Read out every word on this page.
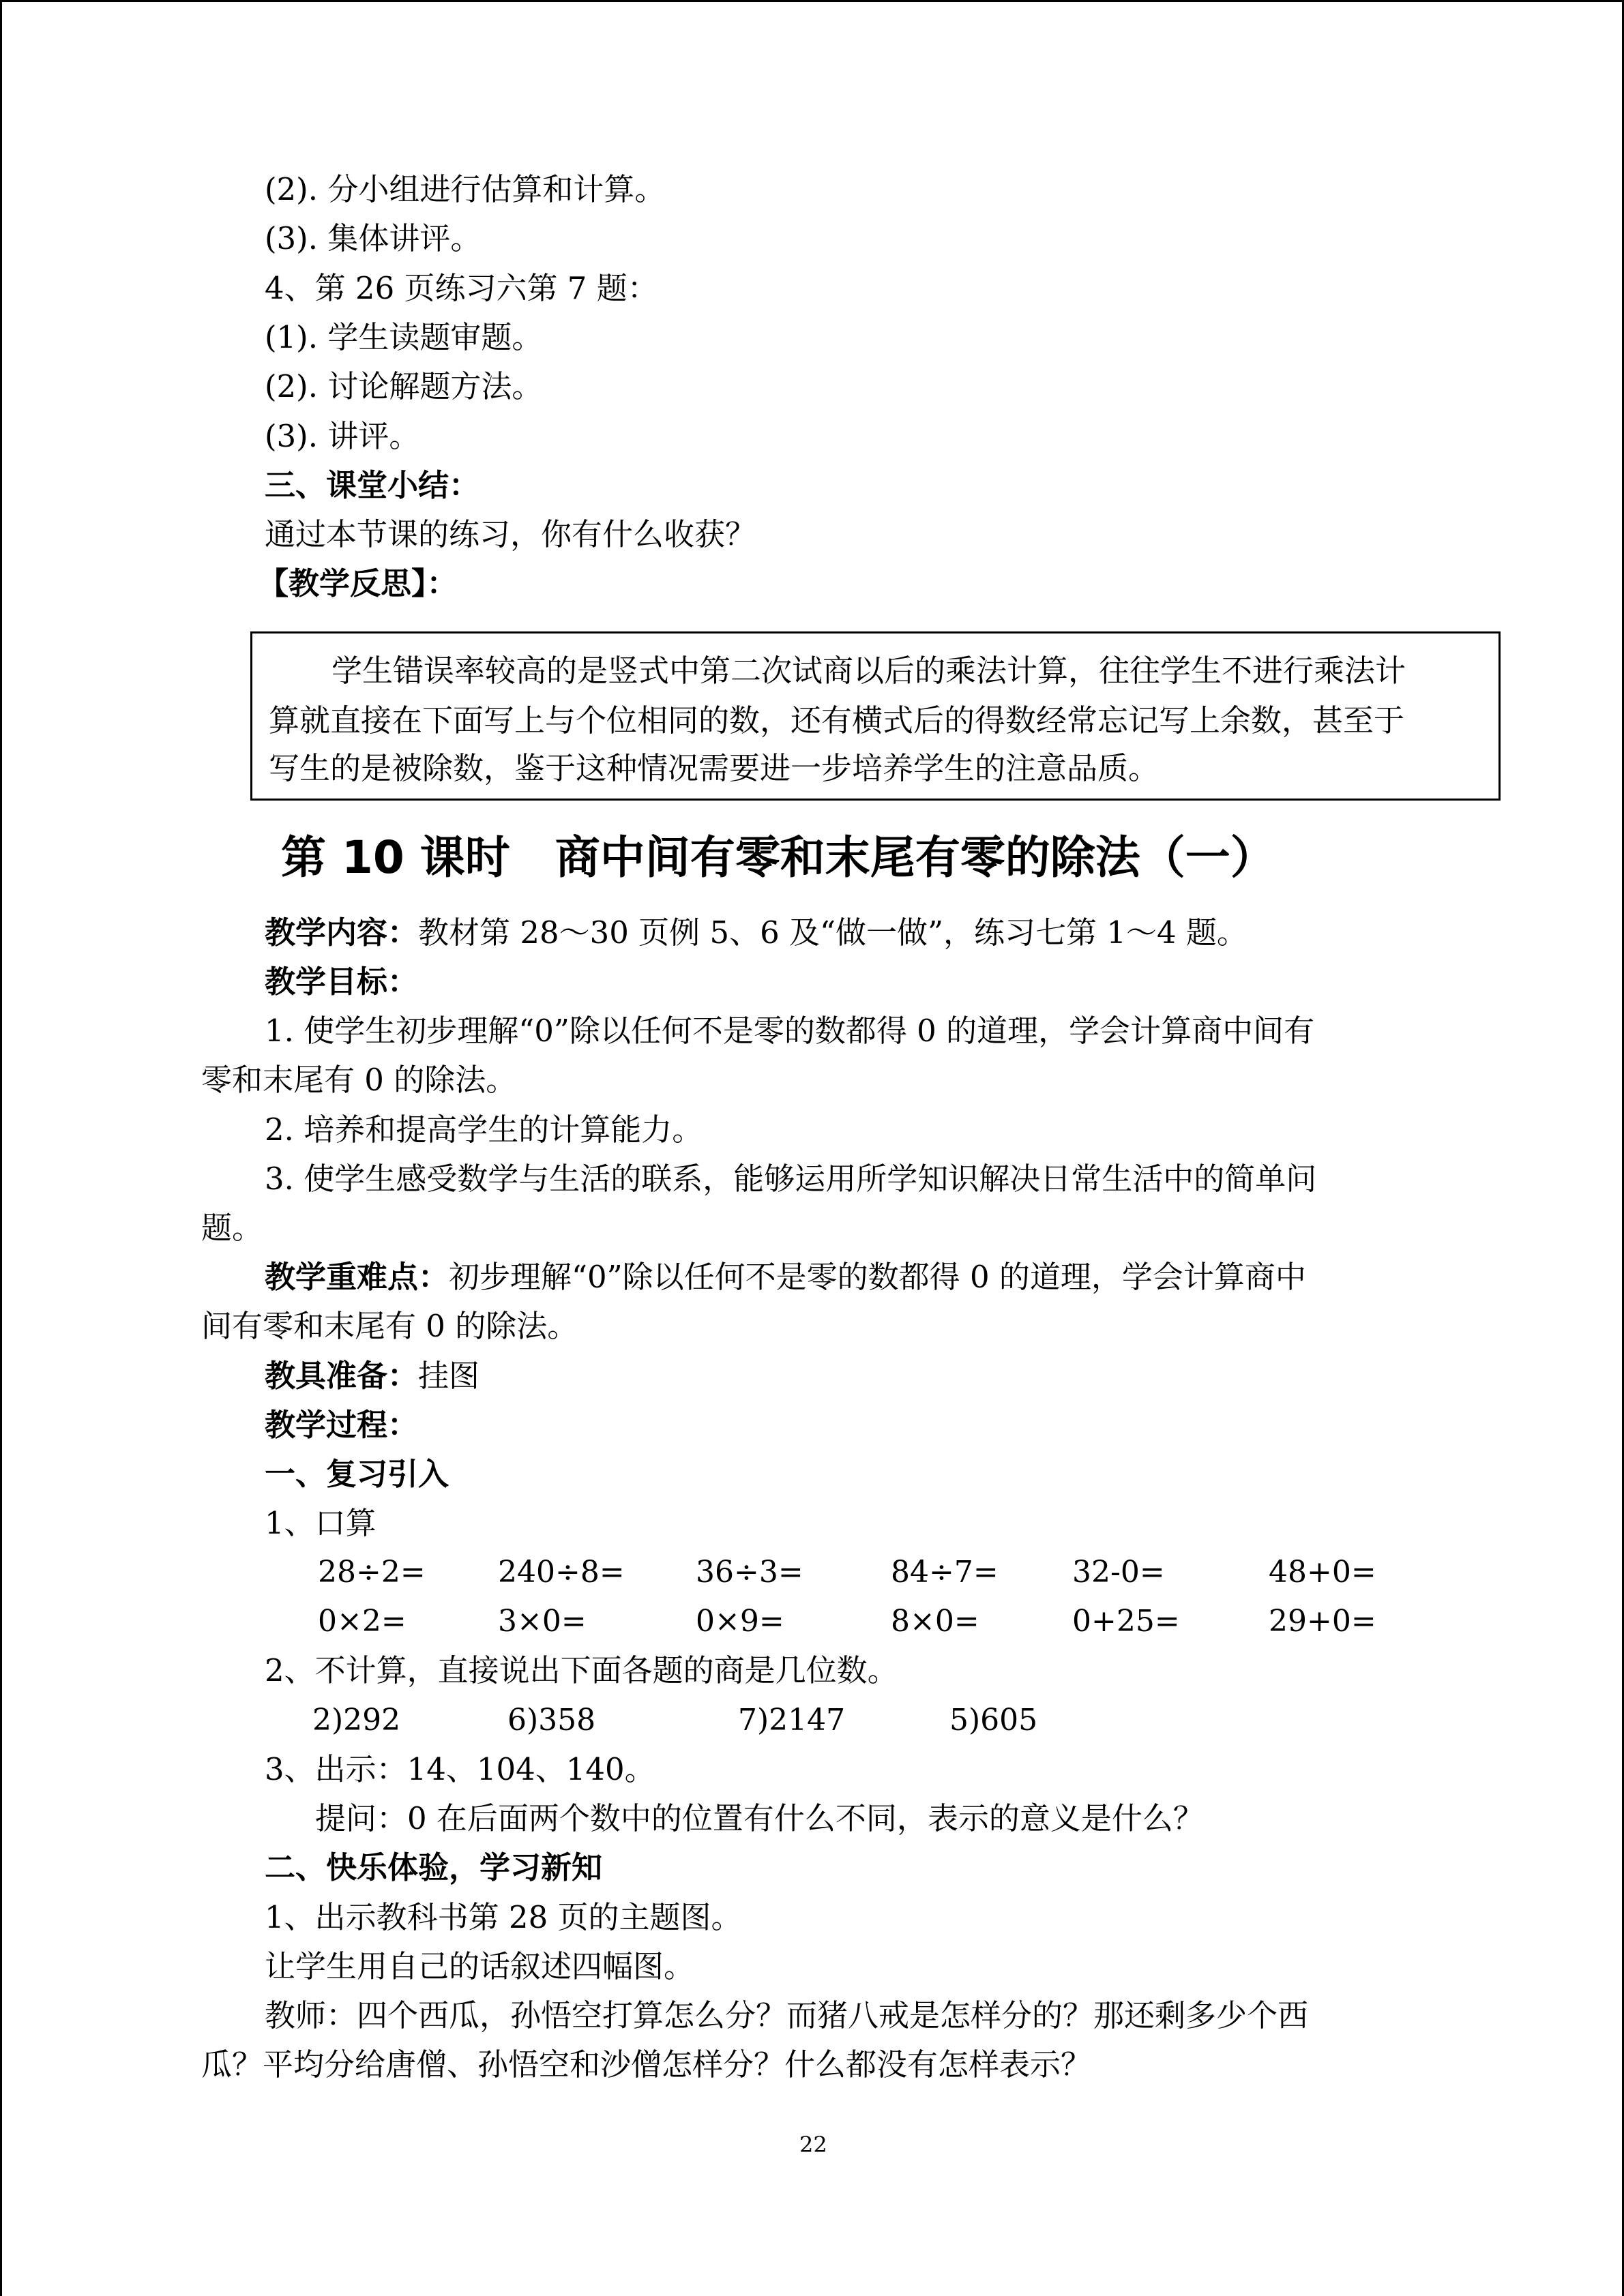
(2). 分小组进行估算和计算。
(3). 集体讲评。
4、第 26 页练习六第 7 题：
(1). 学生读题审题。
(2). 讨论解题方法。
(3). 讲评。
三、课堂小结：
通过本节课的练习，你有什么收获？
【教学反思】：
学生错误率较高的是竖式中第二次试商以后的乘法计算，往往学生不进行乘法计
算就直接在下面写上与个位相同的数，还有横式后的得数经常忘记写上余数，甚至于
写生的是被除数，鉴于这种情况需要进一步培养学生的注意品质。
第 10 课时　商中间有零和末尾有零的除法（一）
教学内容：教材第 28～30 页例 5、6 及“做一做”，练习七第 1～4 题。
教学目标：
1. 使学生初步理解“0”除以任何不是零的数都得 0 的道理，学会计算商中间有
零和末尾有 0 的除法。
2. 培养和提高学生的计算能力。
3. 使学生感受数学与生活的联系，能够运用所学知识解决日常生活中的简单问
题。
教学重难点：初步理解“0”除以任何不是零的数都得 0 的道理，学会计算商中
间有零和末尾有 0 的除法。
教具准备：挂图
教学过程：
一、复习引入
1、口算
28÷2= 240÷8= 36÷3=	84÷7= 32-0=	48+0=
0×2=	3×0=	0×9=	8×0=	0+25=	29+0=
2、不计算，直接说出下面各题的商是几位数。
2)292	6)358	7)2147	5)605
3、出示：14、104、140。
提问：0 在后面两个数中的位置有什么不同，表示的意义是什么？
二、快乐体验，学习新知
1、出示教科书第 28 页的主题图。
让学生用自己的话叙述四幅图。
教师：四个西瓜，孙悟空打算怎么分？而猪八戒是怎样分的？那还剩多少个西
瓜？平均分给唐僧、孙悟空和沙僧怎样分？什么都没有怎样表示？
22
